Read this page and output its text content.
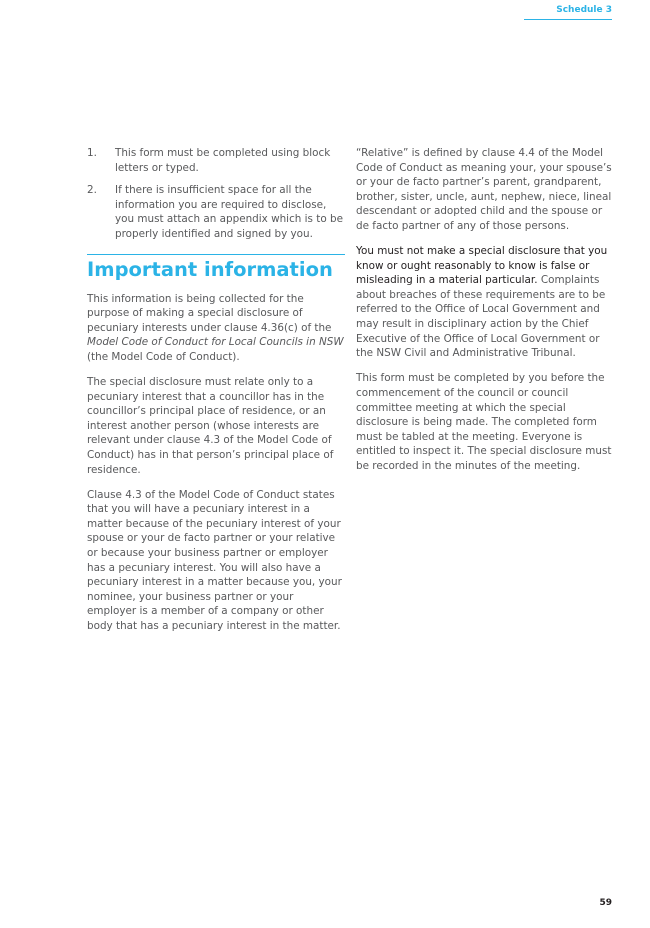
Schedule 3
1. This form must be completed using block letters or typed.
2. If there is insufficient space for all the information you are required to disclose, you must attach an appendix which is to be properly identified and signed by you.
Important information

This information is being collected for the purpose of making a special disclosure of pecuniary interests under clause 4.36(c) of the Model Code of Conduct for Local Councils in NSW (the Model Code of Conduct).

The special disclosure must relate only to a pecuniary interest that a councillor has in the councillor’s principal place of residence, or an interest another person (whose interests are relevant under clause 4.3 of the Model Code of Conduct) has in that person’s principal place of residence.

Clause 4.3 of the Model Code of Conduct states that you will have a pecuniary interest in a matter because of the pecuniary interest of your spouse or your de facto partner or your relative or because your business partner or employer has a pecuniary interest. You will also have a pecuniary interest in a matter because you, your nominee, your business partner or your employer is a member of a company or other body that has a pecuniary interest in the matter.

“Relative” is defined by clause 4.4 of the Model Code of Conduct as meaning your, your spouse’s or your de facto partner’s parent, grandparent, brother, sister, uncle, aunt, nephew, niece, lineal descendant or adopted child and the spouse or de facto partner of any of those persons.

You must not make a special disclosure that you know or ought reasonably to know is false or misleading in a material particular. Complaints about breaches of these requirements are to be referred to the Office of Local Government and may result in disciplinary action by the Chief Executive of the Office of Local Government or the NSW Civil and Administrative Tribunal.

This form must be completed by you before the commencement of the council or council committee meeting at which the special disclosure is being made. The completed form must be tabled at the meeting. Everyone is entitled to inspect it. The special disclosure must be recorded in the minutes of the meeting.

59
